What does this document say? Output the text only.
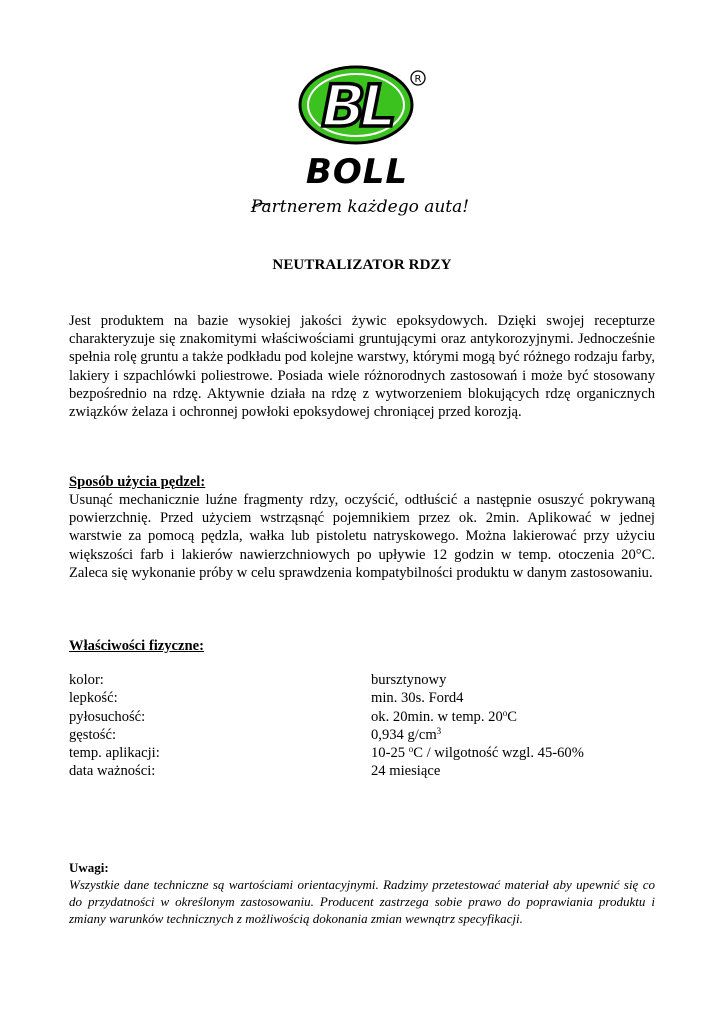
BL R
BOLL
Partnerem każdego auta!
NEUTRALIZATOR RDZY
Jest produktem na bazie wysokiej jakości żywic epoksydowych. Dzięki swojej recepturze charakteryzuje się znakomitymi właściwościami gruntującymi oraz antykorozyjnymi. Jednocześnie spełnia rolę gruntu a także podkładu pod kolejne warstwy, którymi mogą być różnego rodzaju farby, lakiery i szpachlówki poliestrowe. Posiada wiele różnorodnych zastosowań i może być stosowany bezpośrednio na rdzę. Aktywnie działa na rdzę z wytworzeniem blokujących rdzę organicznych związków żelaza i ochronnej powłoki epoksydowej chroniącej przed korozją.
Sposób użycia pędzel:
Usunąć mechanicznie luźne fragmenty rdzy, oczyścić, odtłuścić a następnie osuszyć pokrywaną powierzchnię. Przed użyciem wstrząsnąć pojemnikiem przez ok. 2min. Aplikować w jednej warstwie za pomocą pędzla, wałka lub pistoletu natryskowego. Można lakierować przy użyciu większości farb i lakierów nawierzchniowych po upływie 12 godzin w temp. otoczenia 20°C. Zaleca się wykonanie próby w celu sprawdzenia kompatybilności produktu w danym zastosowaniu.
Właściwości fizyczne:
kolor:	bursztynowy
lepkość:	min. 30s. Ford4
pyłosuchość:	ok. 20min. w temp. 20$^o$C
gęstość:	0,934 $g/cm^3$
temp. aplikacji:	10-25 $^o$C / wilgotność wzgl. 45-60%
data ważności:	24 miesiące
Uwagi:
Wszystkie dane techniczne są wartościami orientacyjnymi. Radzimy przetestować materiał aby upewnić się co do przydatności w określonym zastosowaniu. Producent zastrzega sobie prawo do poprawiania produktu i zmiany warunków technicznych z możliwością dokonania zmian wewnątrz specyfikacji.
